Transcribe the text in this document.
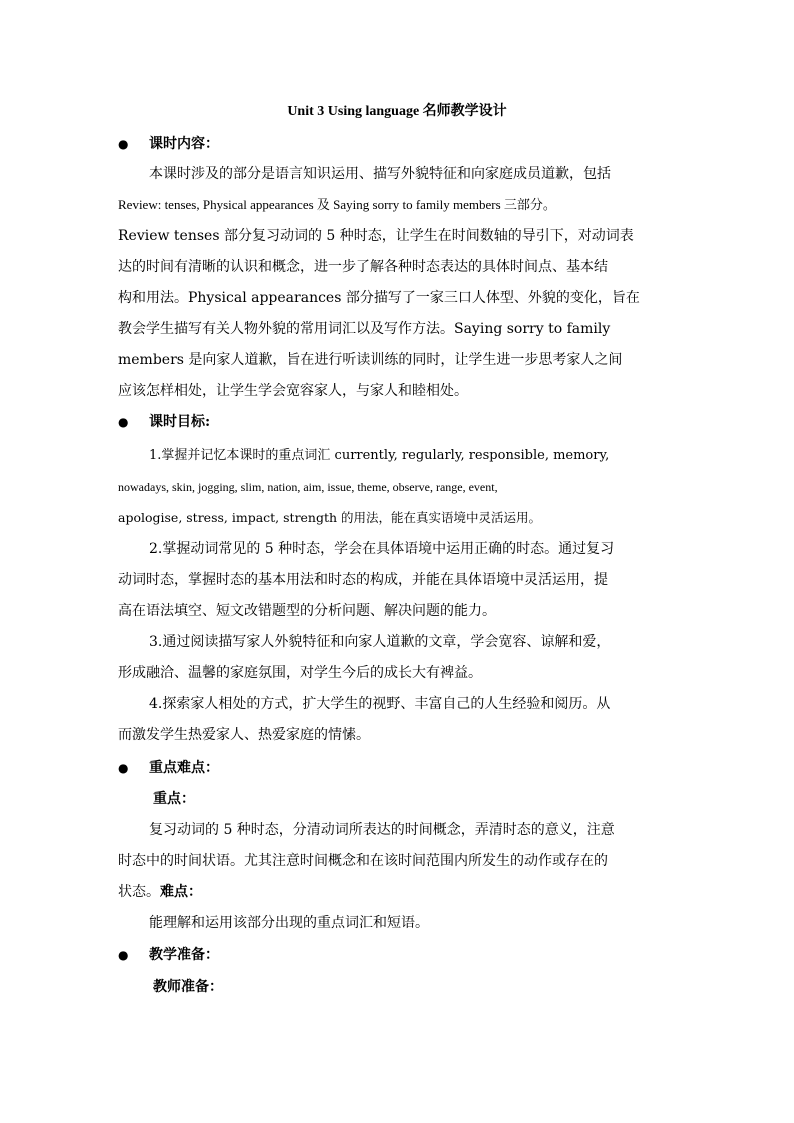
Unit 3 Using language 名师教学设计
● 课时内容：
本课时涉及的部分是语言知识运用、描写外貌特征和向家庭成员道歉，包括
Review: tenses, Physical appearances 及 Saying sorry to family members 三部分。
Review tenses 部分复习动词的 5 种时态，让学生在时间数轴的导引下，对动词表
达的时间有清晰的认识和概念，进一步了解各种时态表达的具体时间点、基本结
构和用法。Physical appearances 部分描写了一家三口人体型、外貌的变化，旨在
教会学生描写有关人物外貌的常用词汇以及写作方法。Saying sorry to family
members 是向家人道歉，旨在进行听读训练的同时，让学生进一步思考家人之间
应该怎样相处，让学生学会宽容家人，与家人和睦相处。
● 课时目标:
1.掌握并记忆本课时的重点词汇 currently, regularly, responsible, memory,
nowadays, skin, jogging, slim, nation, aim, issue, theme, observe, range, event,
apologise, stress, impact, strength 的用法，能在真实语境中灵活运用。
2.掌握动词常见的 5 种时态，学会在具体语境中运用正确的时态。通过复习
动词时态，掌握时态的基本用法和时态的构成，并能在具体语境中灵活运用，提
高在语法填空、短文改错题型的分析问题、解决问题的能力。
3.通过阅读描写家人外貌特征和向家人道歉的文章，学会宽容、谅解和爱，
形成融洽、温馨的家庭氛围，对学生今后的成长大有裨益。
4.探索家人相处的方式，扩大学生的视野、丰富自己的人生经验和阅历。从
而激发学生热爱家人、热爱家庭的情愫。
● 重点难点：
重点：
复习动词的 5 种时态，分清动词所表达的时间概念，弄清时态的意义，注意
时态中的时间状语。尤其注意时间概念和在该时间范围内所发生的动作或存在的
状态。难点：
能理解和运用该部分出现的重点词汇和短语。
● 教学准备：
教师准备：
